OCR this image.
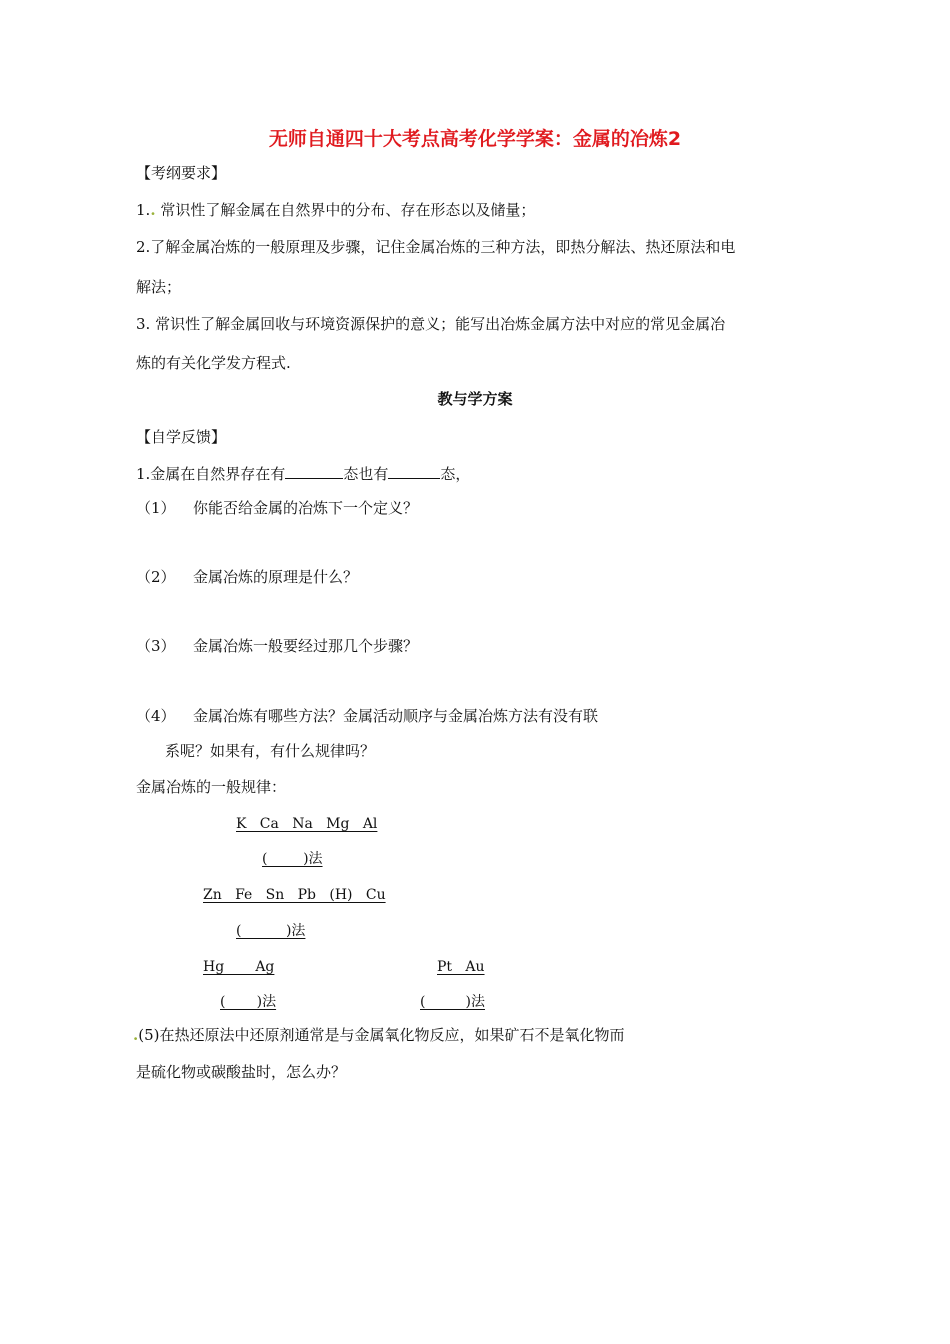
无师自通四十大考点高考化学学案：金属的冶炼2
【考纲要求】
1.. 常识性了解金属在自然界中的分布、存在形态以及储量；
2.了解金属冶炼的一般原理及步骤，记住金属冶炼的三种方法，即热分解法、热还原法和电
解法；
3. 常识性了解金属回收与环境资源保护的意义；能写出冶炼金属方法中对应的常见金属冶
炼的有关化学发方程式.
教与学方案
【自学反馈】
1.金属在自然界存在有	态也有	态，
（1） 你能否给金属的冶炼下一个定义？
（2） 金属冶炼的原理是什么？
（3） 金属冶炼一般要经过那几个步骤？
（4） 金属冶炼有哪些方法？金属活动顺序与金属冶炼方法有没有联
系呢？如果有，有什么规律吗？
金属冶炼的一般规律：
K   Ca   Na   Mg   Al
(        )法
Zn   Fe   Sn   Pb   (H)   Cu
(          )法
Hg       Ag	Pt   Au
(       )法	(         )法
.(5)在热还原法中还原剂通常是与金属氧化物反应，如果矿石不是氧化物而
是硫化物或碳酸盐时，怎么办？
